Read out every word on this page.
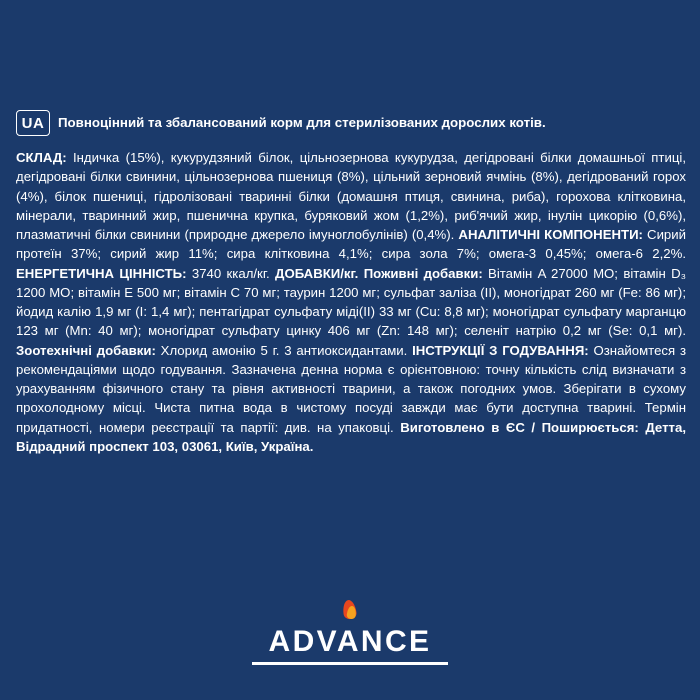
UA	Повноцінний та збалансований корм для стерилізованих дорослих котів.

СКЛАД: Індичка (15%), кукурудзяний білок, цільнозернова кукурудза, дегідровані білки домашньої птиці, дегідровані білки свинини, цільнозернова пшениця (8%), цільний зерновий ячмінь (8%), дегідрований горох (4%), білок пшениці, гідролізовані тваринні білки (домашня птиця, свинина, риба), горохова клітковина, мінерали, тваринний жир, пшенична крупка, буряковий жом (1,2%), риб'ячий жир, інулін цикорію (0,6%), плазматичні білки свинини (природне джерело імуноглобулінів) (0,4%). АНАЛІТИЧНІ КОМПОНЕНТИ: Сирий протеїн 37%; сирий жир 11%; сира клітковина 4,1%; сира зола 7%; омега-3 0,45%; омега-6 2,2%. ЕНЕРГЕТИЧНА ЦІННІСТЬ: 3740 ккал/кг. ДОБАВКИ/кг. Поживні добавки: Вітамін A 27000 МО; вітамін D₃ 1200 МО; вітамін E 500 мг; вітамін C 70 мг; таурин 1200 мг; сульфат заліза (II), моногідрат 260 мг (Fe: 86 мг); йодид калію 1,9 мг (I: 1,4 мг); пентагідрат сульфату міді(II) 33 мг (Cu: 8,8 мг); моногідрат сульфату марганцю 123 мг (Mn: 40 мг); моногідрат сульфату цинку 406 мг (Zn: 148 мг); селеніт натрію 0,2 мг (Se: 0,1 мг). Зоотехнічні добавки: Хлорид амонію 5 г. 3 антиоксидантами. ІНСТРУКЦІЇ З ГОДУВАННЯ: Ознайомтеся з рекомендаціями щодо годування. Зазначена денна норма є орієнтовною: точну кількість слід визначати з урахуванням фізичного стану та рівня активності тварини, а також погодних умов. Зберігати в сухому прохолодному місці. Чиста питна вода в чистому посуді завжди має бути доступна тварині. Термін придатності, номери реєстрації та партії: див. на упаковці. Виготовлено в ЄС / Поширюється: Детта, Відрадний проспект 103, 03061, Київ, Україна.

ADVANCE
